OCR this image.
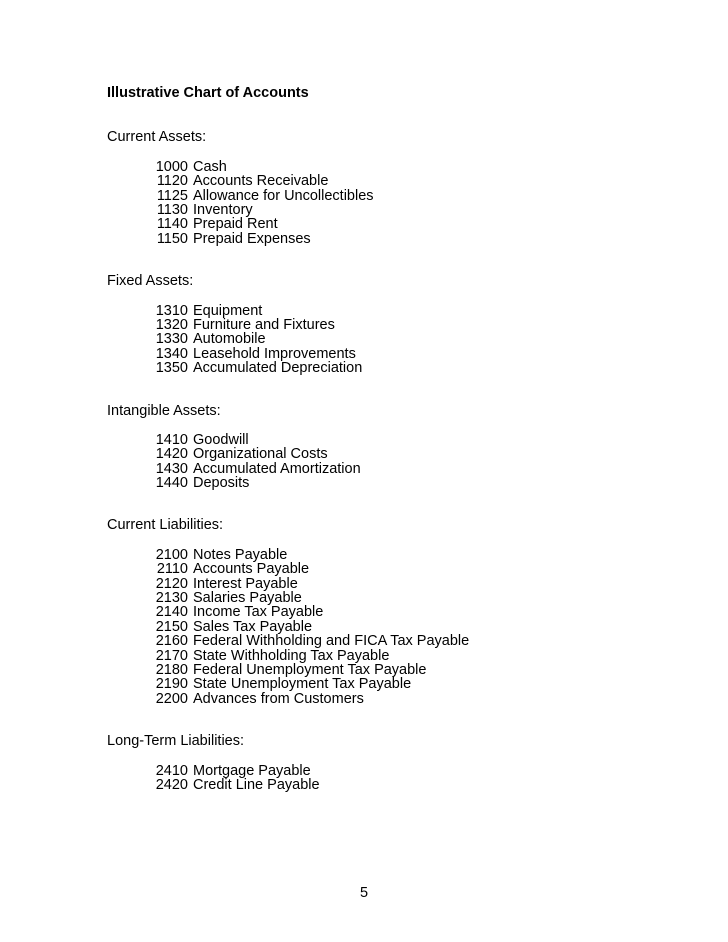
Illustrative Chart of Accounts
Current Assets:
1000 Cash
1120 Accounts Receivable
1125 Allowance for Uncollectibles
1130 Inventory
1140 Prepaid Rent
1150 Prepaid Expenses
Fixed Assets:
1310 Equipment
1320 Furniture and Fixtures
1330 Automobile
1340 Leasehold Improvements
1350 Accumulated Depreciation
Intangible Assets:
1410 Goodwill
1420 Organizational Costs
1430 Accumulated Amortization
1440 Deposits
Current Liabilities:
2100 Notes Payable
2110 Accounts Payable
2120 Interest Payable
2130 Salaries Payable
2140 Income Tax Payable
2150 Sales Tax Payable
2160 Federal Withholding and FICA Tax Payable
2170 State Withholding Tax Payable
2180 Federal Unemployment Tax Payable
2190 State Unemployment Tax Payable
2200 Advances from Customers
Long-Term Liabilities:
2410 Mortgage Payable
2420 Credit Line Payable
5
